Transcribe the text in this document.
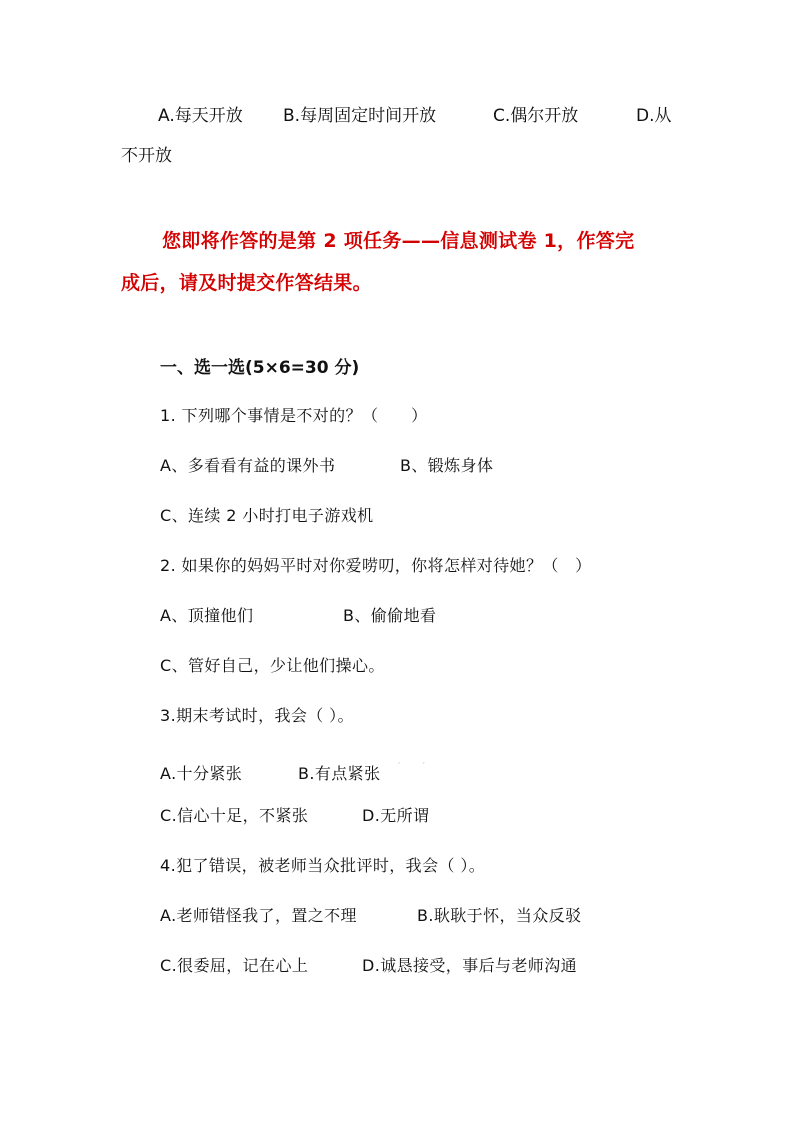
A.每天开放 B.每周固定时间开放	C.偶尔开放	D.从
不开放
您即将作答的是第 2 项任务——信息测试卷 1，作答完
成后，请及时提交作答结果。
一、选一选(5×6=30 分)
1. 下列哪个事情是不对的？（　　）
A、多看看有益的课外书	B、锻炼身体
C、连续 2 小时打电子游戏机
2. 如果你的妈妈平时对你爱唠叨，你将怎样对待她？（　）
A、顶撞他们	B、偷偷地看
C、管好自己，少让他们操心。
3.期末考试时，我会（ ）。
A.十分紧张	B.有点紧张 ′　　′
C.信心十足，不紧张	D.无所谓
4.犯了错误，被老师当众批评时，我会（ ）。
A.老师错怪我了，置之不理	B.耿耿于怀，当众反驳
C.很委屈，记在心上	D.诚恳接受，事后与老师沟通
